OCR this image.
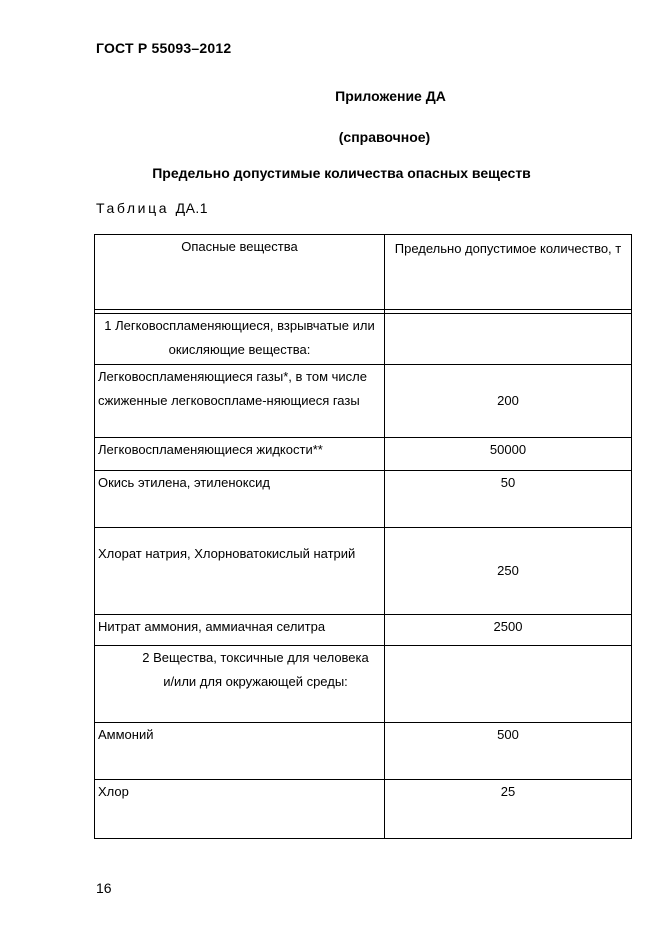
ГОСТ Р 55093–2012
Приложение ДА
(справочное)
Предельно допустимые количества опасных веществ
Таблица ДА.1
Опасные вещества	Предельно допустимое количество, т

1 Легковоспламеняющиеся, взрывчатые или окисляющие вещества:	
Легковоспламеняющиеся газы*, в том числе сжиженные легковоспламе-няющиеся газы	200
Легковоспламеняющиеся жидкости**	50000
Окись этилена, этиленоксид	50
Хлорат натрия, Хлорноватокислый натрий	250
Нитрат аммония, аммиачная селитра	2500
2 Вещества, токсичные для человека и/или для окружающей среды:	
Аммоний	500
Хлор	25
16
